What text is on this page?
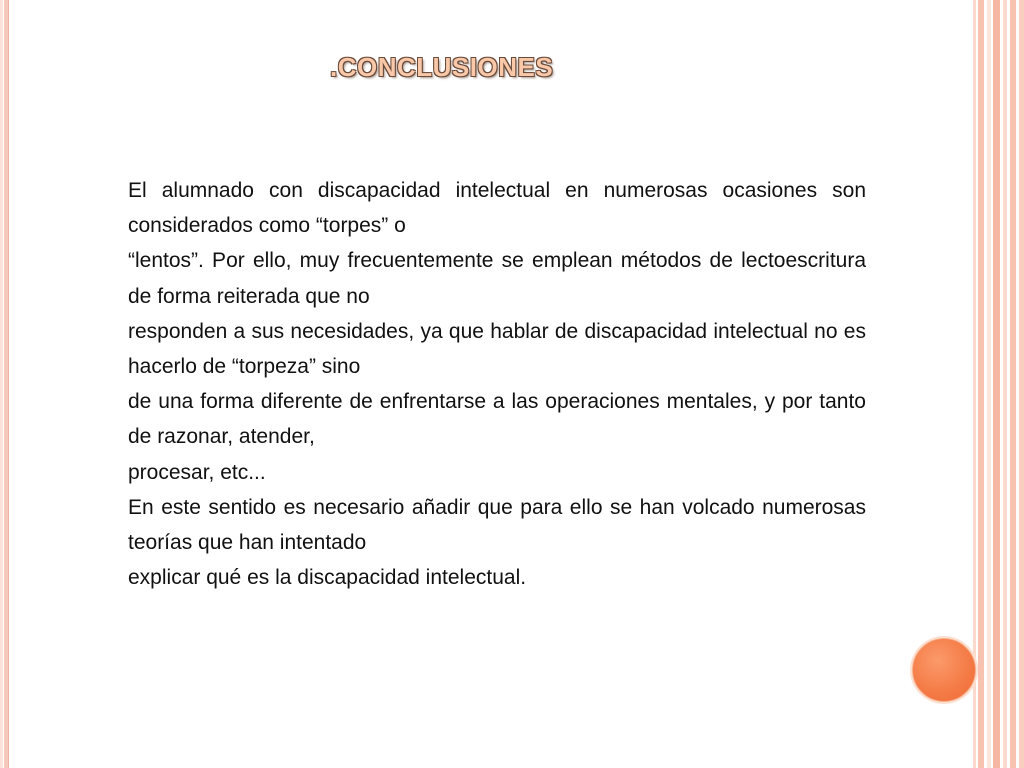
.CONCLUSIONES

El alumnado con discapacidad intelectual en numerosas ocasiones son considerados como “torpes” o

“lentos”. Por ello, muy frecuentemente se emplean métodos de lectoescritura de forma reiterada que no

responden a sus necesidades, ya que hablar de discapacidad intelectual no es hacerlo de “torpeza” sino

de una forma diferente de enfrentarse a las operaciones mentales, y por tanto de razonar, atender,

procesar, etc...

En este sentido es necesario añadir que para ello se han volcado numerosas teorías que han intentado

explicar qué es la discapacidad intelectual.
